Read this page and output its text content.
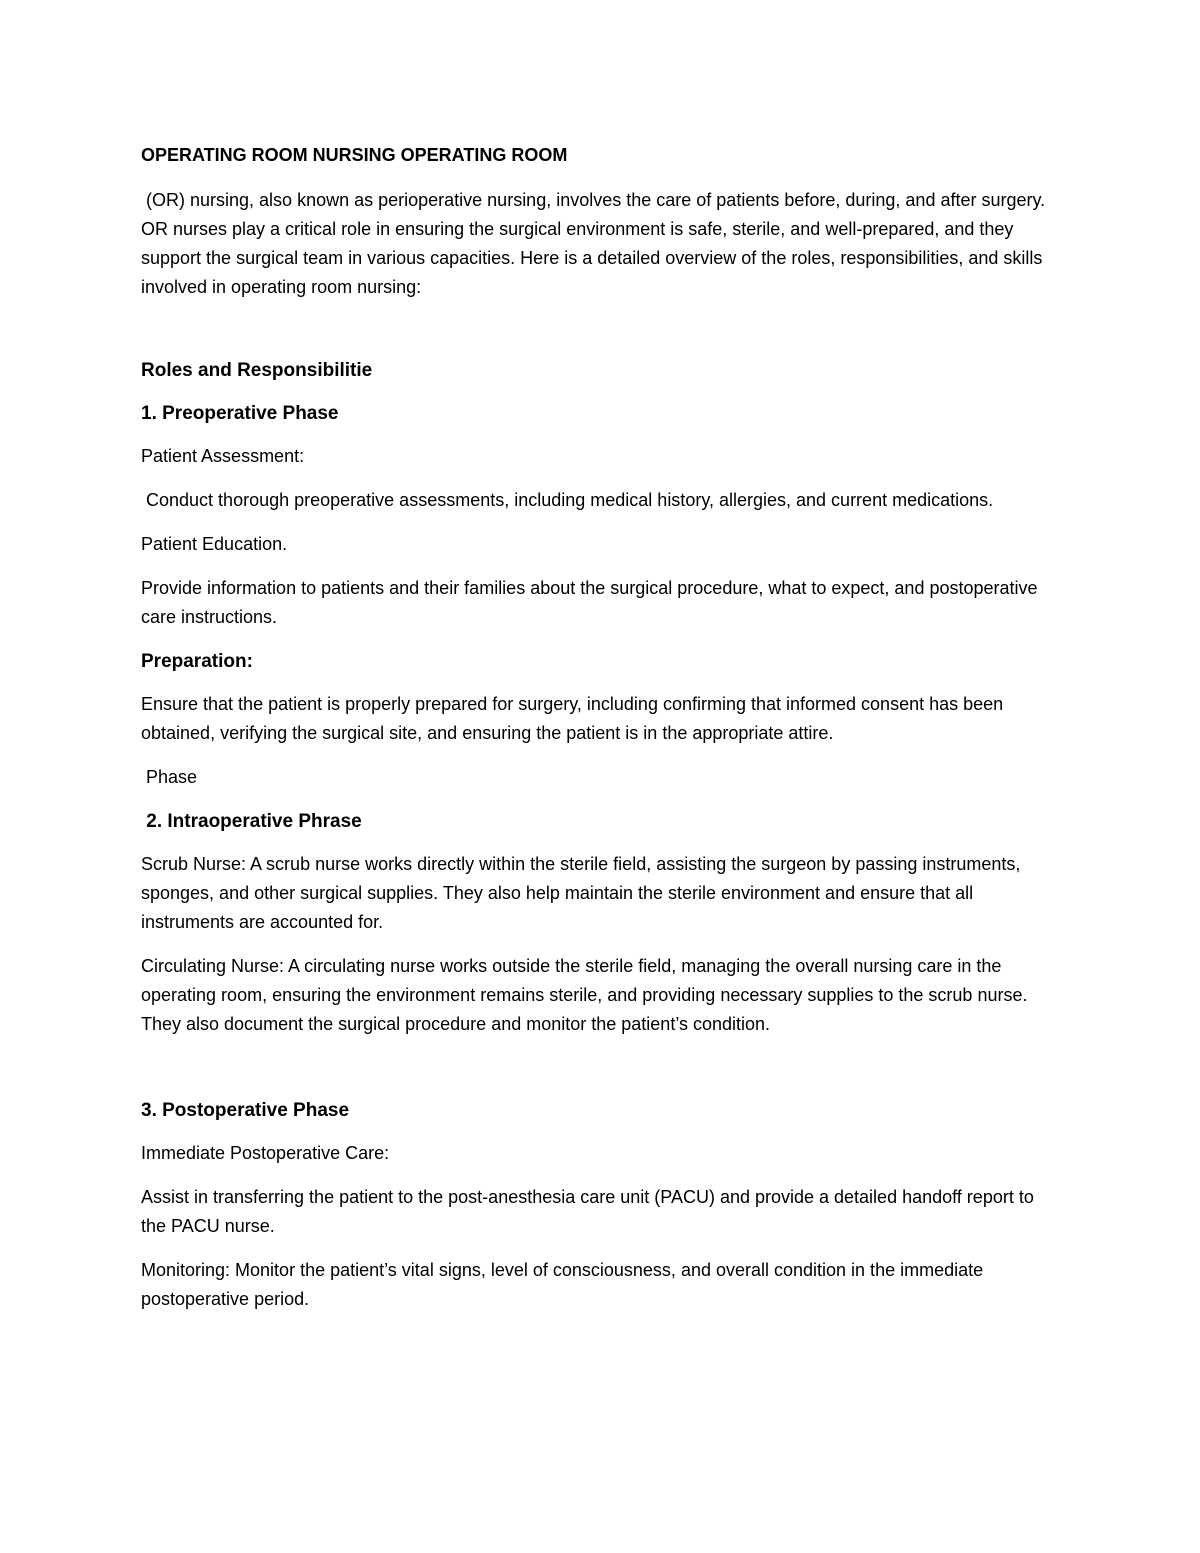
OPERATING ROOM NURSING OPERATING ROOM

(OR) nursing, also known as perioperative nursing, involves the care of patients before, during, and after surgery. OR nurses play a critical role in ensuring the surgical environment is safe, sterile, and well-prepared, and they support the surgical team in various capacities. Here is a detailed overview of the roles, responsibilities, and skills involved in operating room nursing:

Roles and Responsibilitie

1. Preoperative Phase

Patient Assessment:

Conduct thorough preoperative assessments, including medical history, allergies, and current medications.

Patient Education.

Provide information to patients and their families about the surgical procedure, what to expect, and postoperative care instructions.

Preparation:

Ensure that the patient is properly prepared for surgery, including confirming that informed consent has been obtained, verifying the surgical site, and ensuring the patient is in the appropriate attire.

Phase

2. Intraoperative Phrase

Scrub Nurse: A scrub nurse works directly within the sterile field, assisting the surgeon by passing instruments, sponges, and other surgical supplies. They also help maintain the sterile environment and ensure that all instruments are accounted for.

Circulating Nurse: A circulating nurse works outside the sterile field, managing the overall nursing care in the operating room, ensuring the environment remains sterile, and providing necessary supplies to the scrub nurse. They also document the surgical procedure and monitor the patient’s condition.

3. Postoperative Phase

Immediate Postoperative Care:

Assist in transferring the patient to the post-anesthesia care unit (PACU) and provide a detailed handoff report to the PACU nurse.

Monitoring: Monitor the patient’s vital signs, level of consciousness, and overall condition in the immediate postoperative period.
